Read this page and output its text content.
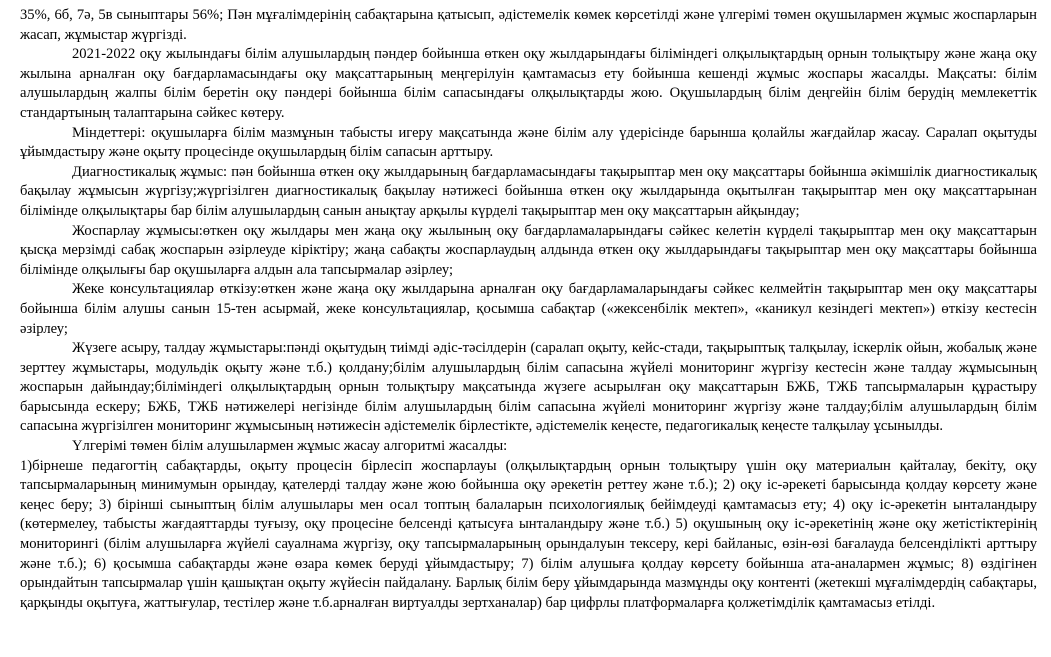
35%, 6б, 7ә, 5в сыныптары 56%; Пән мұғалімдерінің сабақтарына қатысып, әдістемелік көмек көрсетілді және үлгерімі төмен оқушылармен жұмыс жоспарларын жасап, жұмыстар жүргізді.

2021-2022 оқу жылындағы білім алушылардың пәндер бойынша өткен оқу жылдарындағы біліміндегі олқылықтардың орнын толықтыру және жаңа оқу жылына арналған оқу бағдарламасындағы оқу мақсаттарының меңгерілуін қамтамасыз ету бойынша кешенді жұмыс жоспары жасалды. Мақсаты: білім алушылардың жалпы білім беретін оқу пәндері бойынша білім сапасындағы олқылықтарды жою. Оқушылардың білім деңгейін білім берудің мемлекеттік стандартының талаптарына сәйкес көтеру.

Міндеттері: оқушыларға білім мазмұнын табысты игеру мақсатында және білім алу үдерісінде барынша қолайлы жағдайлар жасау. Саралап оқытуды ұйымдастыру және оқыту процесінде оқушылардың білім сапасын арттыру.

Диагностикалық жұмыс: пән бойынша өткен оқу жылдарының бағдарламасындағы тақырыптар мен оқу мақсаттары бойынша әкімшілік диагностикалық бақылау жұмысын жүргізу;жүргізілген диагностикалық бақылау нәтижесі бойынша өткен оқу жылдарында оқытылған тақырыптар мен оқу мақсаттарынан білімінде олқылықтары бар білім алушылардың санын анықтау арқылы күрделі тақырыптар мен оқу мақсаттарын айқындау;

Жоспарлау жұмысы:өткен оқу жылдары мен жаңа оқу жылының оқу бағдарламаларындағы сәйкес келетін күрделі тақырыптар мен оқу мақсаттарын қысқа мерзімді сабақ жоспарын әзірлеуде кіріктіру; жаңа сабақты жоспарлаудың алдында өткен оқу жылдарындағы тақырыптар мен оқу мақсаттары бойынша білімінде олқылығы бар оқушыларға алдын ала тапсырмалар әзірлеу;

Жеке консультациялар өткізу:өткен және жаңа оқу жылдарына арналған оқу бағдарламаларындағы сәйкес келмейтін тақырыптар мен оқу мақсаттары бойынша білім алушы санын 15-тен асырмай, жеке консультациялар, қосымша сабақтар («жексенбілік мектеп», «каникул кезіндегі мектеп») өткізу кестесін әзірлеу;

Жүзеге асыру, талдау жұмыстары:пәнді оқытудың тиімді әдіс-тәсілдерін (саралап оқыту, кейс-стади, тақырыптық талқылау, іскерлік ойын, жобалық және зерттеу жұмыстары, модульдік оқыту және т.б.) қолдану;білім алушылардың білім сапасына жүйелі мониторинг жүргізу кестесін және талдау жұмысының жоспарын дайындау;біліміндегі олқылықтардың орнын толықтыру мақсатында жүзеге асырылған оқу мақсаттарын БЖБ, ТЖБ тапсырмаларын құрастыру барысында ескеру; БЖБ, ТЖБ нәтижелері негізінде білім алушылардың білім сапасына жүйелі мониторинг жүргізу және талдау;білім алушылардың білім сапасына жүргізілген мониторинг жұмысының нәтижесін әдістемелік бірлестікте, әдістемелік кеңесте, педагогикалық кеңесте талқылау ұсынылды.

Үлгерімі төмен білім алушылармен жұмыс жасау алгоритмі жасалды:

1)бірнеше педагогтің сабақтарды, оқыту процесін бірлесіп жоспарлауы (олқылықтардың орнын толықтыру үшін оқу материалын қайталау, бекіту, оқу тапсырмаларының минимумын орындау, қателерді талдау және жою бойынша оқу әрекетін реттеу және т.б.); 2) оқу іс-әрекеті барысында қолдау көрсету және кеңес беру; 3) бірінші сыныптың білім алушылары мен осал топтың балаларын психологиялық бейімдеуді қамтамасыз ету; 4) оқу іс-әрекетін ынталандыру (көтермелеу, табысты жағдаяттарды туғызу, оқу процесіне белсенді қатысуға ынталандыру және т.б.) 5) оқушының оқу іс-әрекетінің және оқу жетістіктерінің мониторингі (білім алушыларға жүйелі сауалнама жүргізу, оқу тапсырмаларының орындалуын тексеру, кері байланыс, өзін-өзі бағалауда белсенділікті арттыру және т.б.); 6) қосымша сабақтарды және өзара көмек беруді ұйымдастыру; 7) білім алушыға қолдау көрсету бойынша ата-аналармен жұмыс; 8) өздігінен орындайтын тапсырмалар үшін қашықтан оқыту жүйесін пайдалану. Барлық білім беру ұйымдарында мазмұнды оқу контенті (жетекші мұғалімдердің сабақтары, қарқынды оқытуға, жаттығулар, тестілер және т.б.арналған виртуалды зертханалар) бар цифрлы платформаларға қолжетімділік қамтамасыз етілді.
